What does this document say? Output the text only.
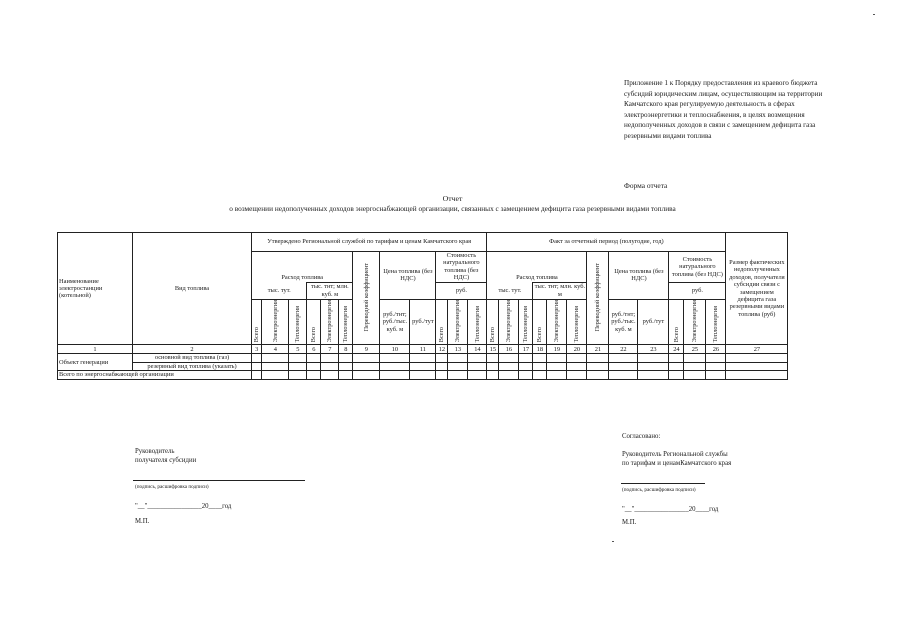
Приложение 1 к Порядку предоставления из краевого бюджета субсидий юридическим лицам, осуществляющим на территории Камчатского края регулируемую деятельность в сферах электроэнергетики и теплоснабжения, в целях возмещения недополученных доходов в связи с замещением дефицита газа резервными видами топлива
Форма отчета
Отчет
о возмещении недополученных доходов энергоснабжающей организации, связанных с замещением дефицита газа резервными видами топлива
Наименование электростанции (котельной)	Вид топлива	Утверждено Региональной службой по тарифам и ценам Камчатского края												Факт за отчетный период (полугодие, год)												Размер фактических недополученных доходов, получателя субсидии связи с замещением дефицита газа резервными видами топлива (руб)
		Расход топлива						Переводной коэффициент	Цена топлива (без НДС)		Стоимость натурального топлива (без НДС)			Расход топлива						Переводной коэффициент	Цена топлива (без НДС)		Стоимость натурального топлива (без НДС)			
		тыс. тут.			тыс. тнт; млн. куб. м						руб.			тыс. тут.			тыс. тнт; млн. куб. м						руб.			
		Всего	Электроэнергия	Теплоэнергия	Всего	Электроэнергия	Теплоэнергия		руб./тнт; руб./тыс. куб. м	руб./тут	Всего	Электроэнергия	Теплоэнергия	Всего	Электроэнергия	Теплоэнергия	Всего	Электроэнергия	Теплоэнергия		руб./тнт; руб./тыс. куб. м	руб./тут	Всего	Электроэнергия	Теплоэнергия	

1	2	3	4	5	6	7	8	9	10	11	12	13	14	15	16	17	18	19	20	21	22	23	24	25	26	27
Объект генерации	основной вид топлива (газ)																									
	резервный вид топлива (указать)																									
Всего по энергоснабжающей организации																										
Руководитель
получателя субсидии
(подпись, расшифровка подписи)
"__"________________20____год
М.П.
Согласовано:
Руководитель Региональной службы
по тарифам и ценамКамчатского края
(подпись, расшифровка подписи)
"__"________________20____год
М.П.
